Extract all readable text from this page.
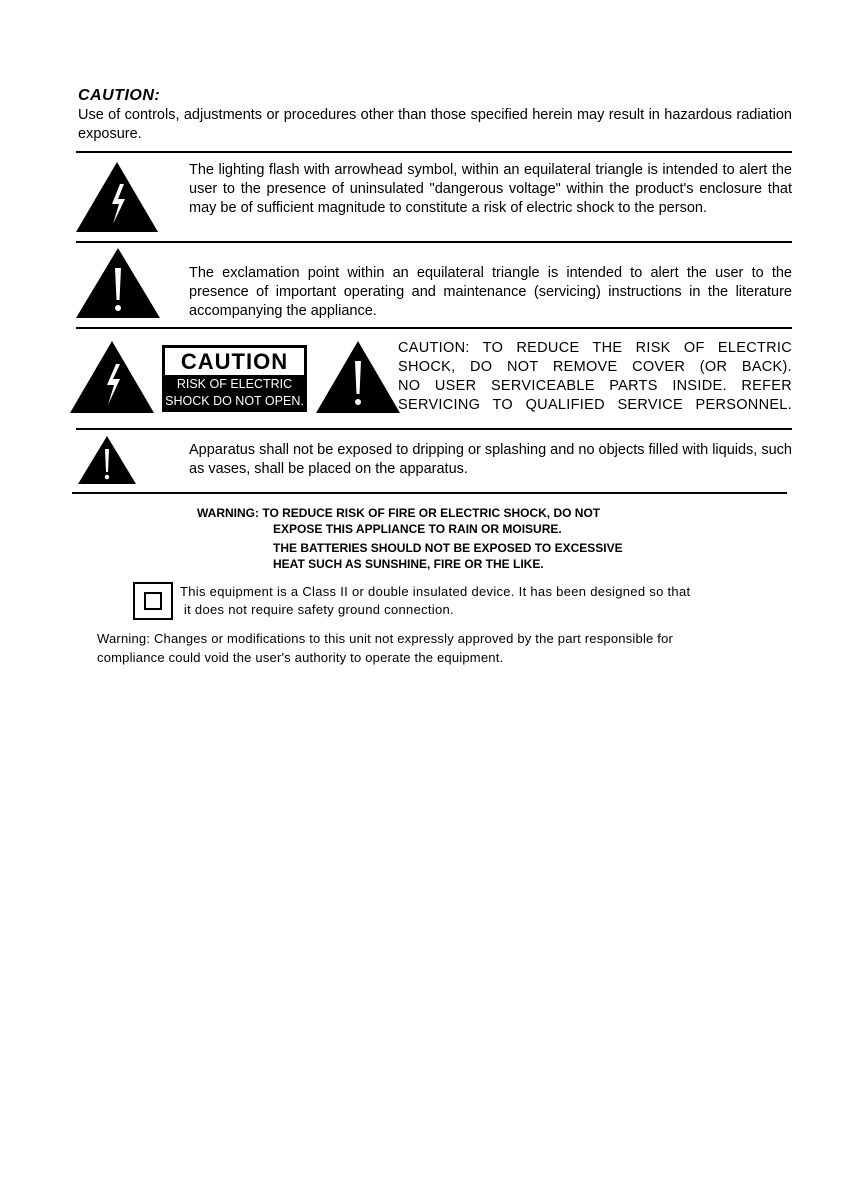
CAUTION:
Use of controls, adjustments or procedures other than those specified herein may result in hazardous radiation exposure.
The lighting flash with arrowhead symbol, within an equilateral triangle is intended to alert the user to the presence of uninsulated "dangerous voltage" within the product's enclosure that may be of sufficient magnitude to constitute a risk of electric shock to the person.
The exclamation point within an equilateral triangle is intended to alert the user to the presence of important operating and maintenance (servicing) instructions in the literature accompanying the appliance.
CAUTION
RISK OF ELECTRIC
SHOCK DO NOT OPEN.
CAUTION: TO REDUCE THE RISK OF ELECTRIC
SHOCK, DO NOT REMOVE COVER (OR BACK).
NO USER SERVICEABLE PARTS INSIDE. REFER
SERVICING TO QUALIFIED SERVICE PERSONNEL.
Apparatus shall not be exposed to dripping or splashing and no objects filled with liquids, such as vases, shall be placed on the apparatus.
WARNING: TO REDUCE RISK OF FIRE OR ELECTRIC SHOCK, DO NOT
EXPOSE THIS APPLIANCE TO RAIN OR MOISURE.
THE BATTERIES SHOULD NOT BE EXPOSED TO EXCESSIVE
HEAT SUCH AS SUNSHINE, FIRE OR THE LIKE.
This equipment is a Class II or double insulated device. It has been designed so that
it does not require safety ground connection.
Warning: Changes or modifications to this unit not expressly approved by the part responsible for
compliance could void the user's authority to operate the equipment.
